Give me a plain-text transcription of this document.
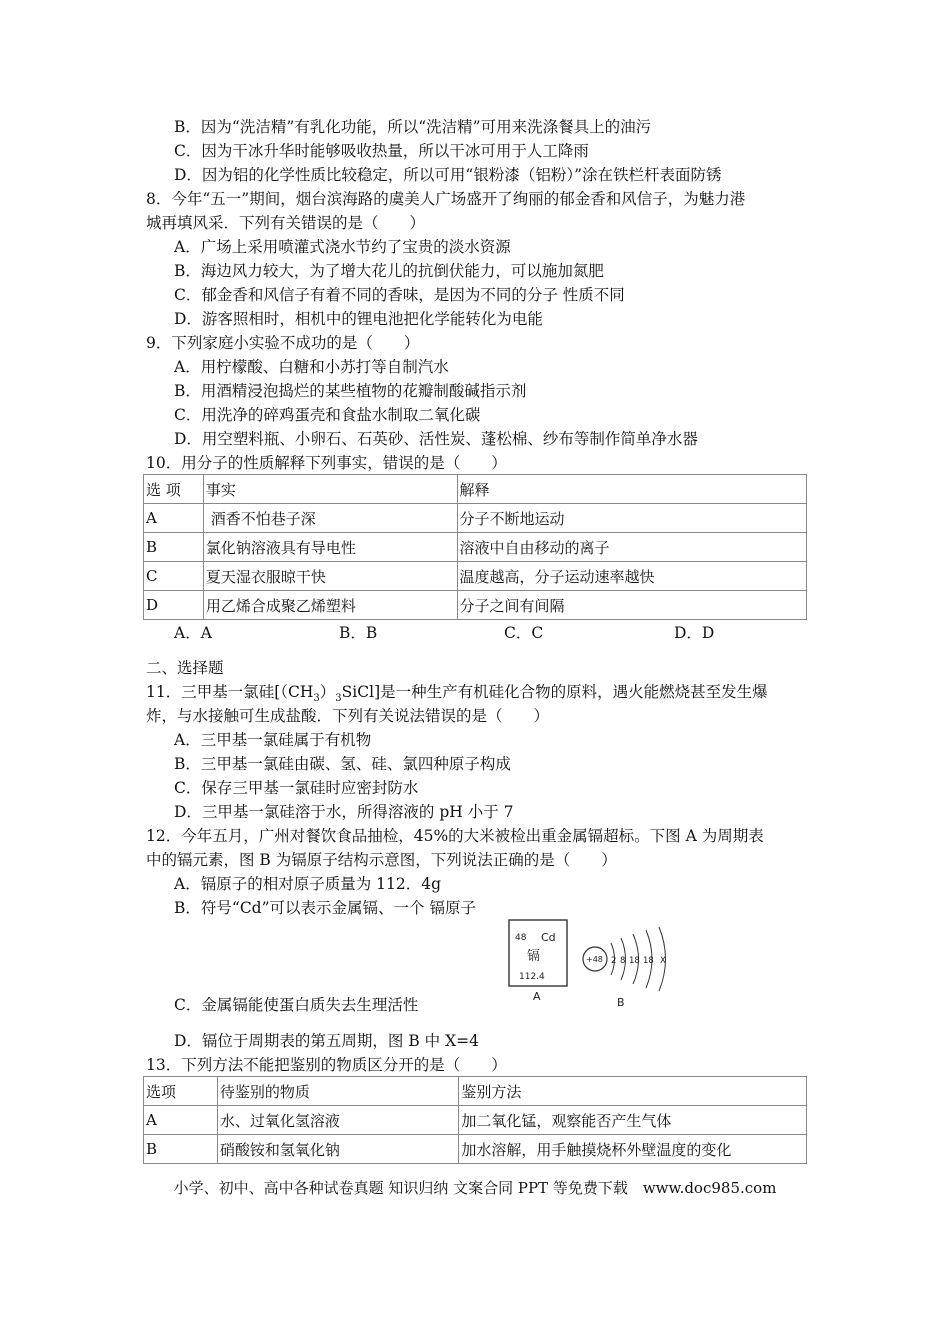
B．因为“洗洁精”有乳化功能，所以“洗洁精”可用来洗涤餐具上的油污
C．因为干冰升华时能够吸收热量，所以干冰可用于人工降雨
D．因为铝的化学性质比较稳定，所以可用“银粉漆（铝粉）”涂在铁栏杆表面防锈
8．今年“五一”期间，烟台滨海路的虞美人广场盛开了绚丽的郁金香和风信子，为魅力港
城再填风采．下列有关错误的是（　　）
A．广场上采用喷灌式浇水节约了宝贵的淡水资源
B．海边风力较大，为了增大花儿的抗倒伏能力，可以施加氮肥
C．郁金香和风信子有着不同的香味，是因为不同的分子 性质不同
D．游客照相时，相机中的锂电池把化学能转化为电能
9．下列家庭小实验不成功的是（　　）
A．用柠檬酸、白糖和小苏打等自制汽水
B．用酒精浸泡捣烂的某些植物的花瓣制酸碱指示剂
C．用洗净的碎鸡蛋壳和食盐水制取二氧化碳
D．用空塑料瓶、小卵石、石英砂、活性炭、蓬松棉、纱布等制作简单净水器
10．用分子的性质解释下列事实，错误的是（　　）
选 项	事实	解释
A	酒香不怕巷子深	分子不断地运动
B	氯化钠溶液具有导电性	溶液中自由移动的离子
C	夏天湿衣服晾干快	温度越高，分子运动速率越快
D	用乙烯合成聚乙烯塑料	分子之间有间隔
A．A	B．B	C．C	D．D
二、选择题
11．三甲基一氯硅$[(CH_3)_3SiCl]$是一种生产有机硅化合物的原料，遇火能燃烧甚至发生爆
炸，与水接触可生成盐酸．下列有关说法错误的是（　　）
A．三甲基一氯硅属于有机物
B．三甲基一氯硅由碳、氢、硅、氯四种原子构成
C．保存三甲基一氯硅时应密封防水
D．三甲基一氯硅溶于水，所得溶液的 pH 小于 7
12．今年五月，广州对餐饮食品抽检，45%的大米被检出重金属镉超标。下图 A 为周期表
中的镉元素，图 B 为镉原子结构示意图，下列说法正确的是（　　）
A．镉原子的相对原子质量为 112．4g
B．符号“Cd”可以表示金属镉、一个 镉原子
48 Cd
镉
112.4
A
+48 2 8 18 18 X
B
C．金属镉能使蛋白质失去生理活性
D．镉位于周期表的第五周期，图 B 中 X=4
13．下列方法不能把鉴别的物质区分开的是（　　）
选项	待鉴别的物质	鉴别方法
A	水、过氧化氢溶液	加二氧化锰，观察能否产生气体
B	硝酸铵和氢氧化钠	加水溶解，用手触摸烧杯外壁温度的变化
小学、初中、高中各种试卷真题 知识归纳 文案合同 PPT 等免费下载　www.doc985.com
